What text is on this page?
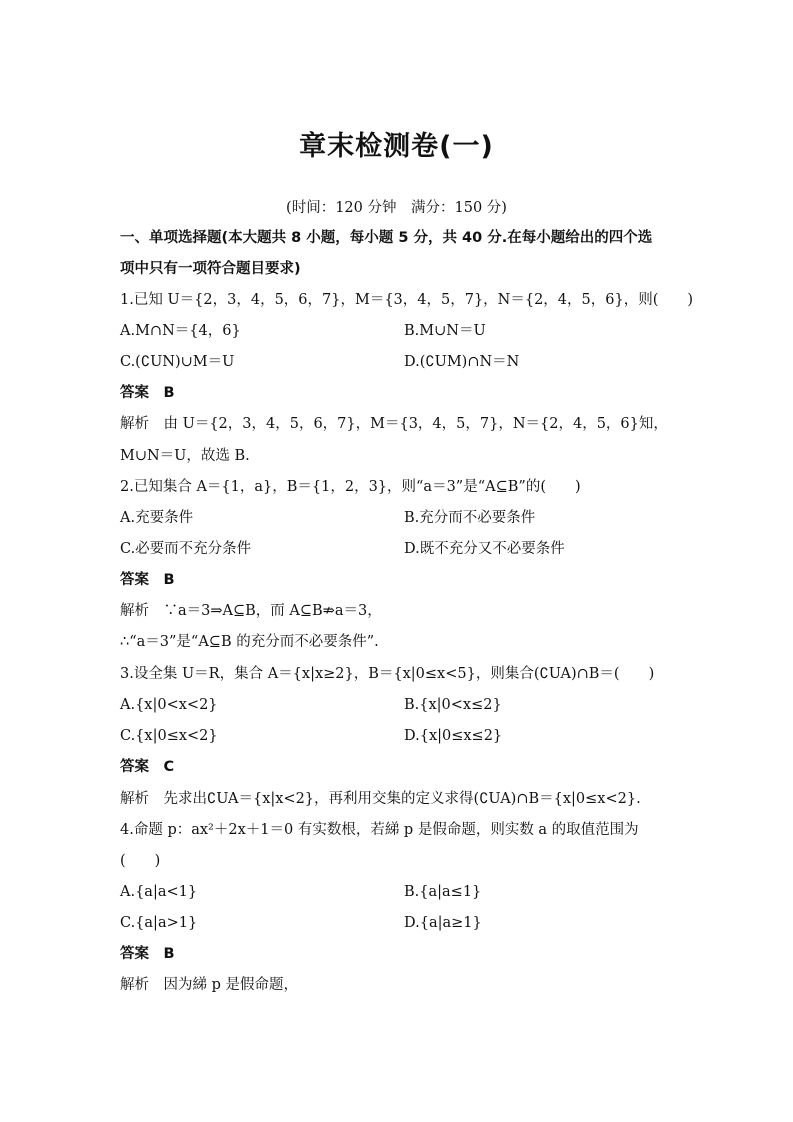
章末检测卷(一)
(时间：120 分钟　满分：150 分)
一、单项选择题(本大题共 8 小题，每小题 5 分，共 40 分.在每小题给出的四个选
项中只有一项符合题目要求)
1.已知 U＝{2，3，4，5，6，7}，M＝{3，4，5，7}，N＝{2，4，5，6}，则(　　)
A.M∩N＝{4，6}	B.M∪N＝U
C.(∁UN)∪M＝U	D.(∁UM)∩N＝N
答案　B
解析　由 U＝{2，3，4，5，6，7}，M＝{3，4，5，7}，N＝{2，4，5，6}知，
M∪N＝U，故选 B.
2.已知集合 A＝{1，a}，B＝{1，2，3}，则“a＝3”是“A⊆B”的(　　)
A.充要条件	B.充分而不必要条件
C.必要而不充分条件	D.既不充分又不必要条件
答案　B
解析　∵a＝3⇒A⊆B，而 A⊆B⇏a＝3，
∴“a＝3”是“A⊆B 的充分而不必要条件”.
3.设全集 U＝R，集合 A＝{x|x≥2}，B＝{x|0≤x<5}，则集合(∁UA)∩B＝(　　)
A.{x|0<x<2}	B.{x|0<x≤2}
C.{x|0≤x<2}	D.{x|0≤x≤2}
答案　C
解析　先求出∁UA＝{x|x<2}，再利用交集的定义求得(∁UA)∩B＝{x|0≤x<2}.
4.命题 p：ax²＋2x＋1＝0 有实数根，若綈 p 是假命题，则实数 a 的取值范围为
(　　)
A.{a|a<1}	B.{a|a≤1}
C.{a|a>1}	D.{a|a≥1}
答案　B
解析　因为綈 p 是假命题，
